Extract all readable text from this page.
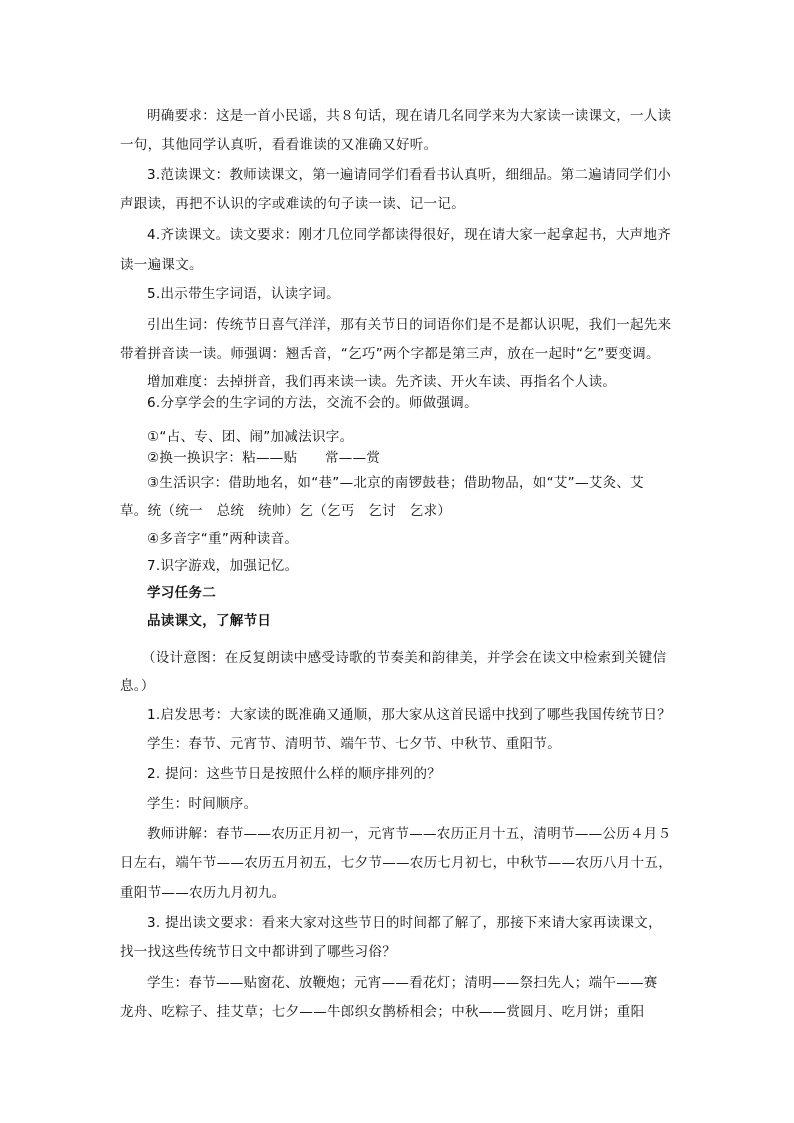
明确要求：这是一首小民谣，共８句话，现在请几名同学来为大家读一读课文，一人读
一句，其他同学认真听，看看谁读的又准确又好听。
3.范读课文：教师读课文，第一遍请同学们看看书认真听，细细品。第二遍请同学们小
声跟读，再把不认识的字或难读的句子读一读、记一记。
4.齐读课文。读文要求：刚才几位同学都读得很好，现在请大家一起拿起书，大声地齐
读一遍课文。
5.出示带生字词语，认读字词。
引出生词：传统节日喜气洋洋，那有关节日的词语你们是不是都认识呢，我们一起先来
带着拼音读一读。师强调：翘舌音，“乞巧”两个字都是第三声，放在一起时“乞”要变调。
增加难度：去掉拼音，我们再来读一读。先齐读、开火车读、再指名个人读。
6.分享学会的生字词的方法，交流不会的。师做强调。
①“占、专、团、闹”加减法识字。
②换一换识字：粘——贴　　常——赏
③生活识字：借助地名，如“巷”—北京的南锣鼓巷；借助物品，如“艾”—艾灸、艾
草。统（统一　总统　统帅）乞（乞丐　乞讨　乞求）
④多音字“重”两种读音。
7.识字游戏，加强记忆。
学习任务二
品读课文，了解节日
（设计意图：在反复朗读中感受诗歌的节奏美和韵律美，并学会在读文中检索到关键信
息。）
1.启发思考：大家读的既准确又通顺，那大家从这首民谣中找到了哪些我国传统节日？
学生：春节、元宵节、清明节、端午节、七夕节、中秋节、重阳节。
2. 提问：这些节日是按照什么样的顺序排列的？
学生：时间顺序。
教师讲解：春节——农历正月初一，元宵节——农历正月十五，清明节——公历４月５
日左右，端午节——农历五月初五，七夕节——农历七月初七，中秋节——农历八月十五，
重阳节——农历九月初九。
3. 提出读文要求：看来大家对这些节日的时间都了解了，那接下来请大家再读课文，
找一找这些传统节日文中都讲到了哪些习俗？
学生：春节——贴窗花、放鞭炮；元宵——看花灯；清明——祭扫先人；端午——赛
龙舟、吃粽子、挂艾草；七夕——牛郎织女鹊桥相会；中秋——赏圆月、吃月饼；重阳
